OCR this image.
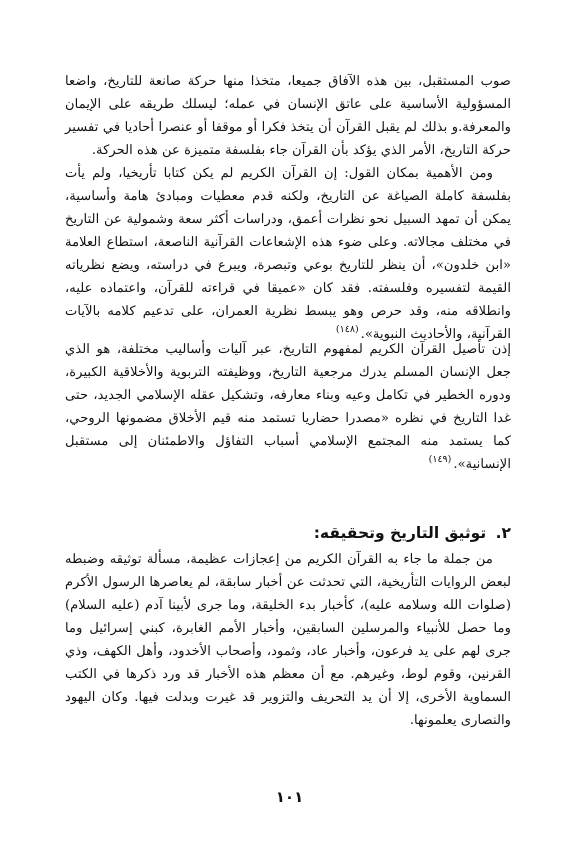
صوب المستقبل، بين هذه الآفاق جميعا، متخذا منها حركة صانعة للتاريخ، واضعا المسؤولية الأساسية على عاتق الإنسان في عمله؛ ليسلك طريقه على الإيمان والمعرفة.و بذلك لم يقبل القرآن أن يتخذ فكرا أو موقفا أو عنصرا أحاديا في تفسير حركة التاريخ، الأمر الذي يؤكد بأن القرآن جاء بفلسفة متميزة عن هذه الحركة.

ومن الأهمية بمكان القول: إن القرآن الكريم لم يكن كتابا تأريخيا، ولم يأت بفلسفة كاملة الصياغة عن التاريخ، ولكنه قدم معطيات ومبادئ هامة وأساسية، يمكن أن تمهد السبيل نحو نظرات أعمق، ودراسات أكثر سعة وشمولية عن التاريخ في مختلف مجالاته. وعلى ضوء هذه الإشعاعات القرآنية الناصعة، استطاع العلامة «ابن خلدون»، أن ينظر للتاريخ بوعي وتبصرة، ويبرع في دراسته، ويضع نظرياته القيمة لتفسيره وفلسفته. فقد كان «عميقا في قراءته للقرآن، واعتماده عليه، وانطلاقه منه، وقد حرص وهو يبسط نظرية العمران، على تدعيم كلامه بالآيات القرآنية، والأحاديث النبوية».$^{(١٤٨)}$

إذن تأصيل القرآن الكريم لمفهوم التاريخ، عبر آليات وأساليب مختلفة، هو الذي جعل الإنسان المسلم يدرك مرجعية التاريخ، ووظيفته التربوية والأخلاقية الكبيرة، ودوره الخطير في تكامل وعيه وبناء معارفه، وتشكيل عقله الإسلامي الجديد، حتى غدا التاريخ في نظره «مصدرا حضاريا تستمد منه قيم الأخلاق مضمونها الروحي، كما يستمد منه المجتمع الإسلامي أسباب التفاؤل والاطمئنان إلى مستقبل الإنسانية».$^{(١٤٩)}$

٢. توثيق التاريخ وتحقيقه:

من جملة ما جاء به القرآن الكريم من إعجازات عظيمة، مسألة توثيقه وضبطه لبعض الروايات التأريخية، التي تحدثت عن أخبار سابقة، لم يعاصرها الرسول الأكرم (صلوات الله وسلامه عليه)، كأخبار بدء الخليقة، وما جرى لأبينا آدم (عليه السلام) وما حصل للأنبياء والمرسلين السابقين، وأخبار الأمم الغابرة، كبني إسرائيل وما جرى لهم على يد فرعون، وأخبار عاد، وثمود، وأصحاب الأخدود، وأهل الكهف، وذي القرنين، وقوم لوط، وغيرهم. مع أن معظم هذه الأخبار قد ورد ذكرها في الكتب السماوية الأخرى، إلا أن يد التحريف والتزوير قد غيرت وبدلت فيها. وكان اليهود والنصارى يعلمونها.

١٠١
